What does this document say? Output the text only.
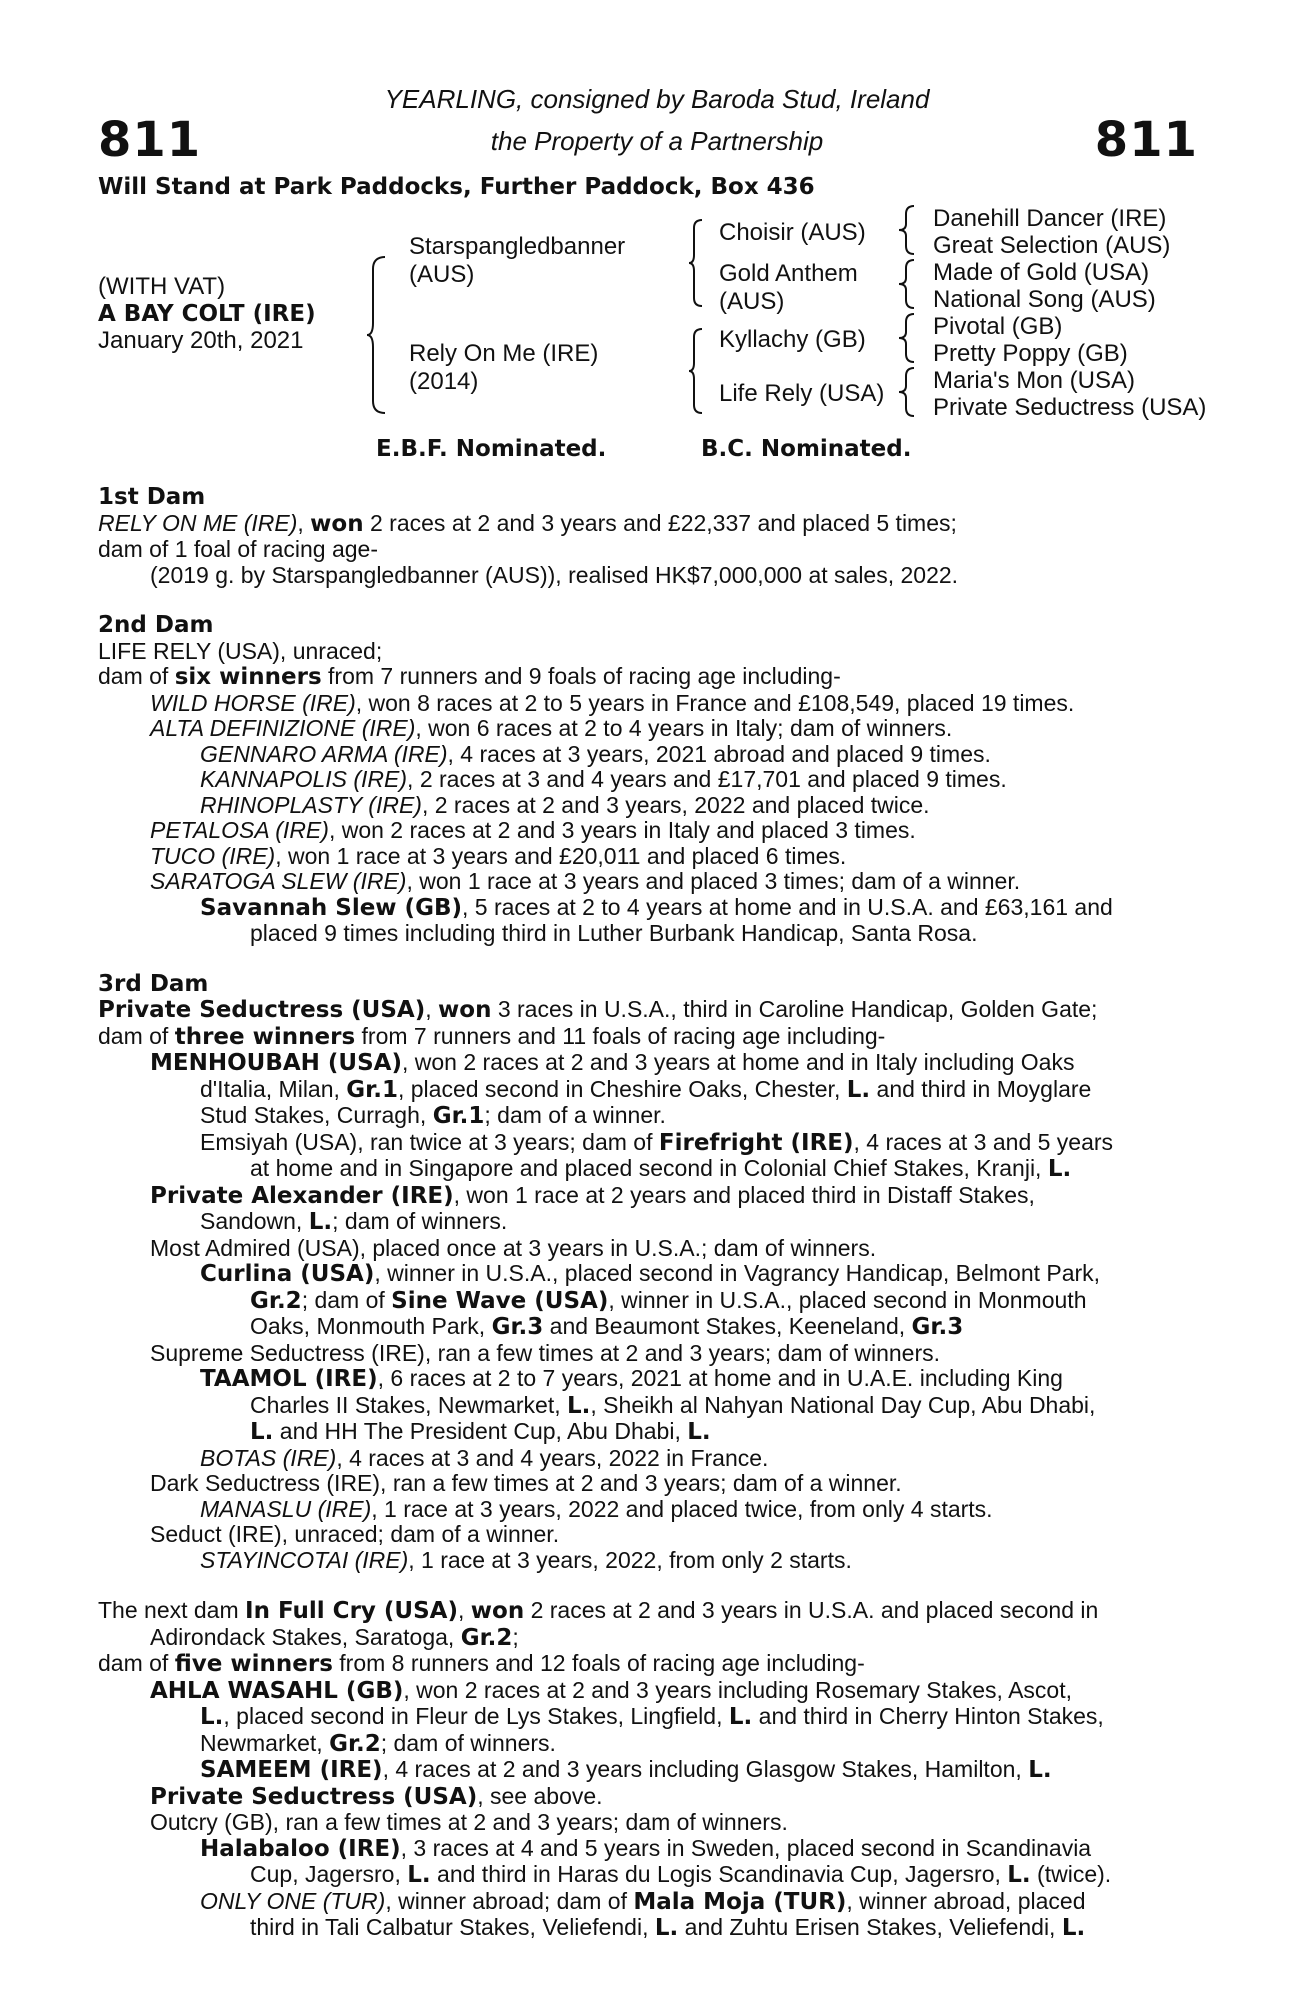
811	811
YEARLING, consigned by Baroda Stud, Ireland
the Property of a Partnership
Will Stand at Park Paddocks, Further Paddock, Box 436
(WITH VAT)
A BAY COLT (IRE)
January 20th, 2021
Starspangledbanner (AUS)
Rely On Me (IRE) (2014)
Choisir (AUS)
Gold Anthem (AUS)
Kyllachy (GB)
Life Rely (USA)
Danehill Dancer (IRE)
Great Selection (AUS)
Made of Gold (USA)
National Song (AUS)
Pivotal (GB)
Pretty Poppy (GB)
Maria's Mon (USA)
Private Seductress (USA)
E.B.F. Nominated.	B.C. Nominated.
1st Dam
RELY ON ME (IRE), won 2 races at 2 and 3 years and £22,337 and placed 5 times;
dam of 1 foal of racing age-
(2019 g. by Starspangledbanner (AUS)), realised HK$7,000,000 at sales, 2022.
2nd Dam
LIFE RELY (USA), unraced;
dam of six winners from 7 runners and 9 foals of racing age including-
WILD HORSE (IRE), won 8 races at 2 to 5 years in France and £108,549, placed 19 times.
ALTA DEFINIZIONE (IRE), won 6 races at 2 to 4 years in Italy; dam of winners.
GENNARO ARMA (IRE), 4 races at 3 years, 2021 abroad and placed 9 times.
KANNAPOLIS (IRE), 2 races at 3 and 4 years and £17,701 and placed 9 times.
RHINOPLASTY (IRE), 2 races at 2 and 3 years, 2022 and placed twice.
PETALOSA (IRE), won 2 races at 2 and 3 years in Italy and placed 3 times.
TUCO (IRE), won 1 race at 3 years and £20,011 and placed 6 times.
SARATOGA SLEW (IRE), won 1 race at 3 years and placed 3 times; dam of a winner.
Savannah Slew (GB), 5 races at 2 to 4 years at home and in U.S.A. and £63,161 and
placed 9 times including third in Luther Burbank Handicap, Santa Rosa.
3rd Dam
Private Seductress (USA), won 3 races in U.S.A., third in Caroline Handicap, Golden Gate;
dam of three winners from 7 runners and 11 foals of racing age including-
MENHOUBAH (USA), won 2 races at 2 and 3 years at home and in Italy including Oaks
d'Italia, Milan, Gr.1, placed second in Cheshire Oaks, Chester, L. and third in Moyglare
Stud Stakes, Curragh, Gr.1; dam of a winner.
Emsiyah (USA), ran twice at 3 years; dam of Firefright (IRE), 4 races at 3 and 5 years
at home and in Singapore and placed second in Colonial Chief Stakes, Kranji, L.
Private Alexander (IRE), won 1 race at 2 years and placed third in Distaff Stakes,
Sandown, L.; dam of winners.
Most Admired (USA), placed once at 3 years in U.S.A.; dam of winners.
Curlina (USA), winner in U.S.A., placed second in Vagrancy Handicap, Belmont Park,
Gr.2; dam of Sine Wave (USA), winner in U.S.A., placed second in Monmouth
Oaks, Monmouth Park, Gr.3 and Beaumont Stakes, Keeneland, Gr.3
Supreme Seductress (IRE), ran a few times at 2 and 3 years; dam of winners.
TAAMOL (IRE), 6 races at 2 to 7 years, 2021 at home and in U.A.E. including King
Charles II Stakes, Newmarket, L., Sheikh al Nahyan National Day Cup, Abu Dhabi,
L. and HH The President Cup, Abu Dhabi, L.
BOTAS (IRE), 4 races at 3 and 4 years, 2022 in France.
Dark Seductress (IRE), ran a few times at 2 and 3 years; dam of a winner.
MANASLU (IRE), 1 race at 3 years, 2022 and placed twice, from only 4 starts.
Seduct (IRE), unraced; dam of a winner.
STAYINCOTAI (IRE), 1 race at 3 years, 2022, from only 2 starts.
The next dam In Full Cry (USA), won 2 races at 2 and 3 years in U.S.A. and placed second in
Adirondack Stakes, Saratoga, Gr.2;
dam of five winners from 8 runners and 12 foals of racing age including-
AHLA WASAHL (GB), won 2 races at 2 and 3 years including Rosemary Stakes, Ascot,
L., placed second in Fleur de Lys Stakes, Lingfield, L. and third in Cherry Hinton Stakes,
Newmarket, Gr.2; dam of winners.
SAMEEM (IRE), 4 races at 2 and 3 years including Glasgow Stakes, Hamilton, L.
Private Seductress (USA), see above.
Outcry (GB), ran a few times at 2 and 3 years; dam of winners.
Halabaloo (IRE), 3 races at 4 and 5 years in Sweden, placed second in Scandinavia
Cup, Jagersro, L. and third in Haras du Logis Scandinavia Cup, Jagersro, L. (twice).
ONLY ONE (TUR), winner abroad; dam of Mala Moja (TUR), winner abroad, placed
third in Tali Calbatur Stakes, Veliefendi, L. and Zuhtu Erisen Stakes, Veliefendi, L.
